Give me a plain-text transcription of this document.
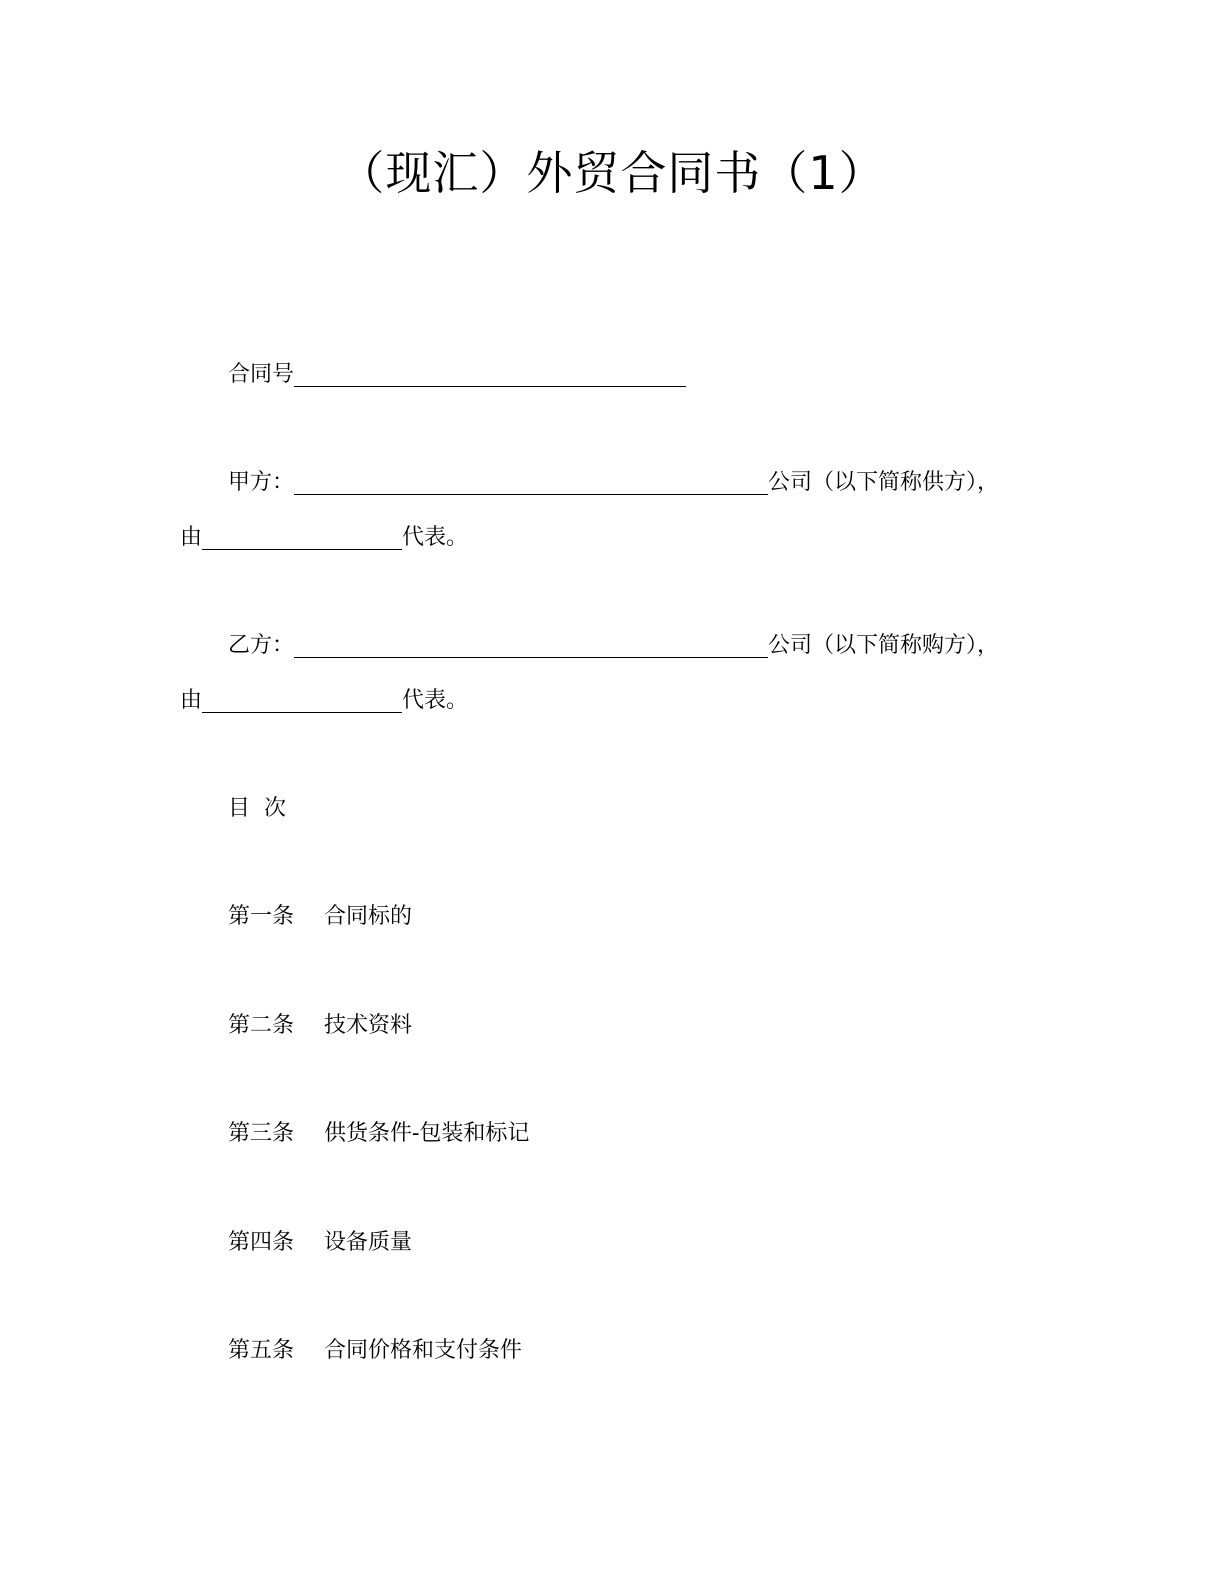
（现汇）外贸合同书（1）
合同号
甲方：	公司（以下简称供方），
由	代表。
乙方：	公司（以下简称购方），
由	代表。
目  次
第一条	合同标的
第二条	技术资料
第三条	供货条件-包装和标记
第四条	设备质量
第五条	合同价格和支付条件
